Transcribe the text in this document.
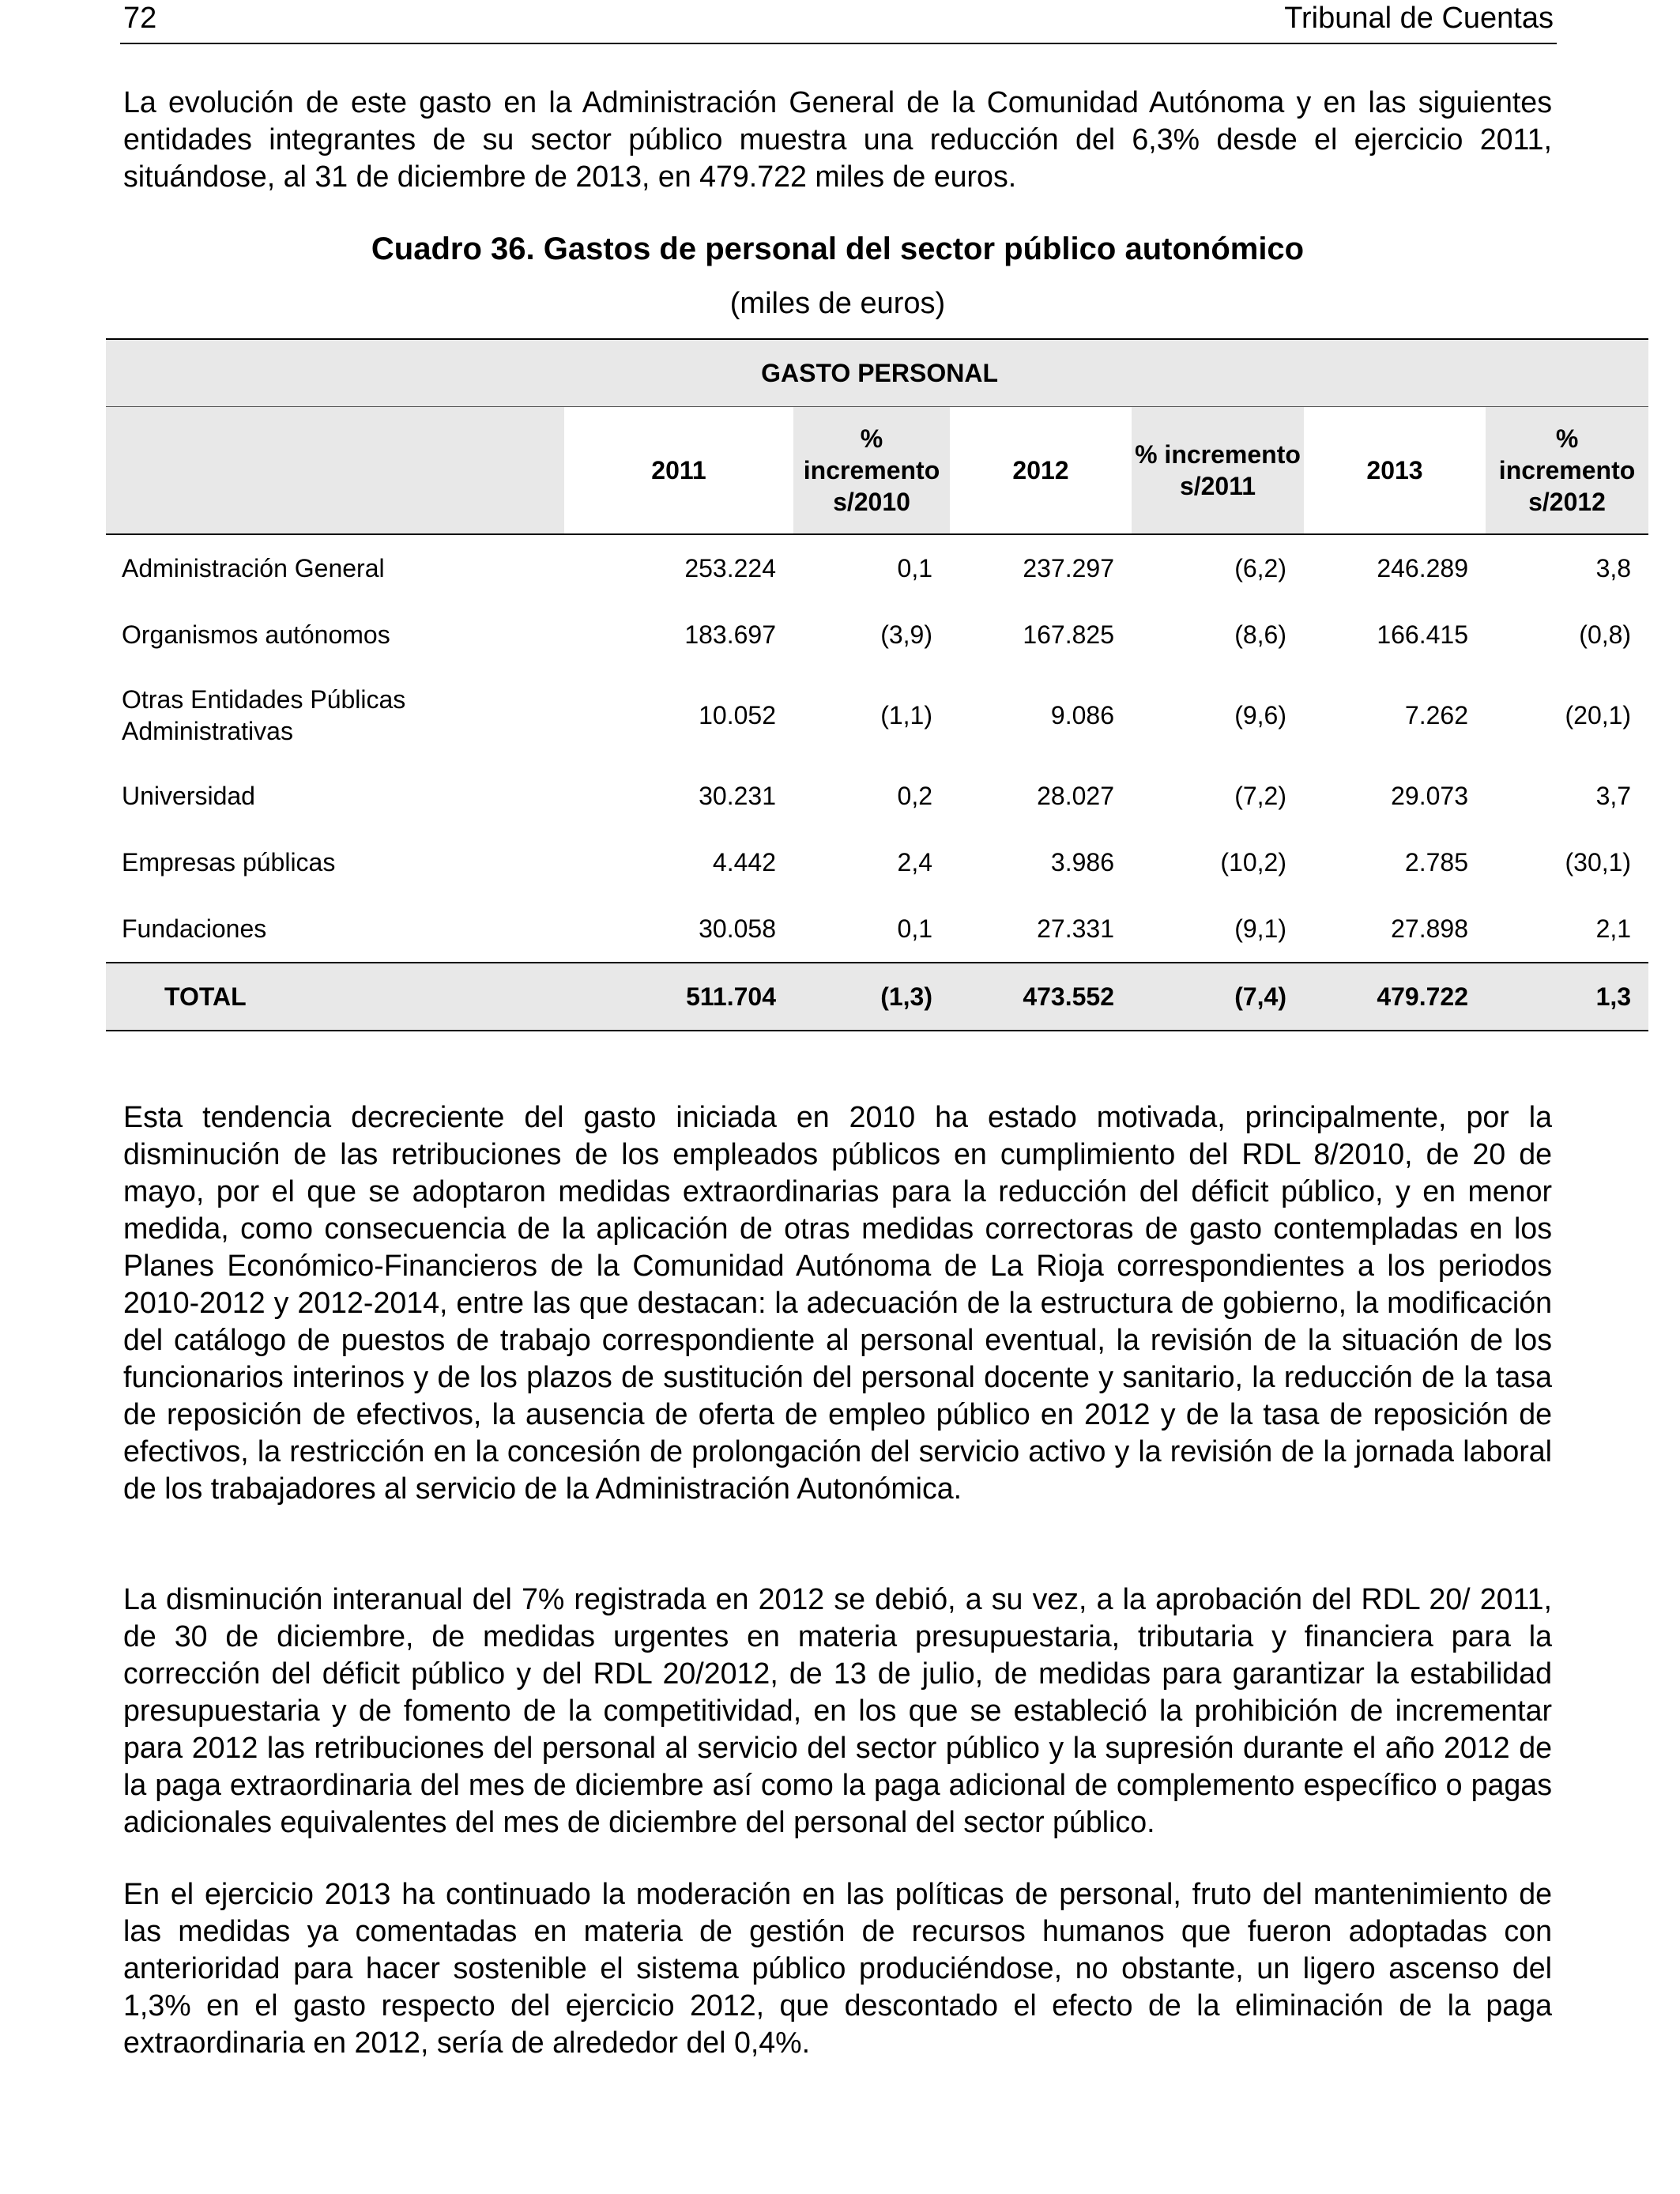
72	Tribunal de Cuentas

La evolución de este gasto en la Administración General de la Comunidad Autónoma y en las siguientes entidades integrantes de su sector público muestra una reducción del 6,3% desde el ejercicio 2011, situándose, al 31 de diciembre de 2013, en 479.722 miles de euros.

Cuadro 36. Gastos de personal del sector público autonómico
(miles de euros)
GASTO PERSONAL						
	2011	% incremento s/2010	2012	% incremento s/2011	2013	% incremento s/2012
Administración General	253.224	0,1	237.297	(6,2)	246.289	3,8
Organismos autónomos	183.697	(3,9)	167.825	(8,6)	166.415	(0,8)
Otras Entidades Públicas Administrativas	10.052	(1,1)	9.086	(9,6)	7.262	(20,1)
Universidad	30.231	0,2	28.027	(7,2)	29.073	3,7
Empresas públicas	4.442	2,4	3.986	(10,2)	2.785	(30,1)
Fundaciones	30.058	0,1	27.331	(9,1)	27.898	2,1
TOTAL	511.704	(1,3)	473.552	(7,4)	479.722	1,3

Esta tendencia decreciente del gasto iniciada en 2010 ha estado motivada, principalmente, por la disminución de las retribuciones de los empleados públicos en cumplimiento del RDL 8/2010, de 20 de mayo, por el que se adoptaron medidas extraordinarias para la reducción del déficit público, y en menor medida, como consecuencia de la aplicación de otras medidas correctoras de gasto contempladas en los Planes Económico-Financieros de la Comunidad Autónoma de La Rioja correspondientes a los periodos 2010-2012 y 2012-2014, entre las que destacan: la adecuación de la estructura de gobierno, la modificación del catálogo de puestos de trabajo correspondiente al personal eventual, la revisión de la situación de los funcionarios interinos y de los plazos de sustitución del personal docente y sanitario, la reducción de la tasa de reposición de efectivos, la ausencia de oferta de empleo público en 2012 y de la tasa de reposición de efectivos, la restricción en la concesión de prolongación del servicio activo y la revisión de la jornada laboral de los trabajadores al servicio de la Administración Autonómica.

La disminución interanual del 7% registrada en 2012 se debió, a su vez, a la aprobación del RDL 20/ 2011, de 30 de diciembre, de medidas urgentes en materia presupuestaria, tributaria y financiera para la corrección del déficit público y del RDL 20/2012, de 13 de julio, de medidas para garantizar la estabilidad presupuestaria y de fomento de la competitividad, en los que se estableció la prohibición de incrementar para 2012 las retribuciones del personal al servicio del sector público y la supresión durante el año 2012 de la paga extraordinaria del mes de diciembre así como la paga adicional de complemento específico o pagas adicionales equivalentes del mes de diciembre del personal del sector público.

En el ejercicio 2013 ha continuado la moderación en las políticas de personal, fruto del mantenimiento de las medidas ya comentadas en materia de gestión de recursos humanos que fueron adoptadas con anterioridad para hacer sostenible el sistema público produciéndose, no obstante, un ligero ascenso del 1,3% en el gasto respecto del ejercicio 2012, que descontado el efecto de la eliminación de la paga extraordinaria en 2012, sería de alrededor del 0,4%.
